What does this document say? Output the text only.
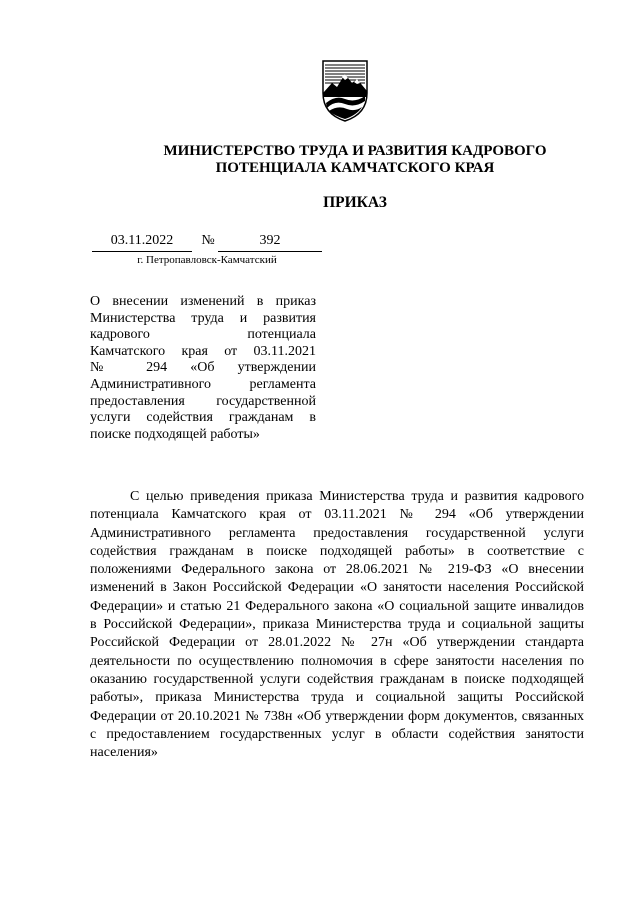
МИНИСТЕРСТВО ТРУДА И РАЗВИТИЯ КАДРОВОГО
ПОТЕНЦИАЛА КАМЧАТСКОГО КРАЯ
ПРИКАЗ
03.11.2022	№	392
г. Петропавловск-Камчатский
О внесении изменений в приказ
Министерства труда и развития
кадрового потенциала
Камчатского края от 03.11.2021
№ 294 «Об утверждении
Административного регламента
предоставления государственной
услуги содействия гражданам в
поиске подходящей работы»
С целью приведения приказа Министерства труда и развития кадрового
потенциала Камчатского края от 03.11.2021 № 294 «Об утверждении
Административного регламента предоставления государственной услуги
содействия гражданам в поиске подходящей работы» в соответствие с
положениями Федерального закона от 28.06.2021 № 219-ФЗ «О внесении
изменений в Закон Российской Федерации «О занятости населения Российской
Федерации» и статью 21 Федерального закона «О социальной защите инвалидов
в Российской Федерации», приказа Министерства труда и социальной защиты
Российской Федерации от 28.01.2022 № 27н «Об утверждении стандарта
деятельности по осуществлению полномочия в сфере занятости населения по
оказанию государственной услуги содействия гражданам в поиске подходящей
работы», приказа Министерства труда и социальной защиты Российской
Федерации от 20.10.2021 № 738н «Об утверждении форм документов, связанных
с предоставлением государственных услуг в области содействия занятости
населения»
